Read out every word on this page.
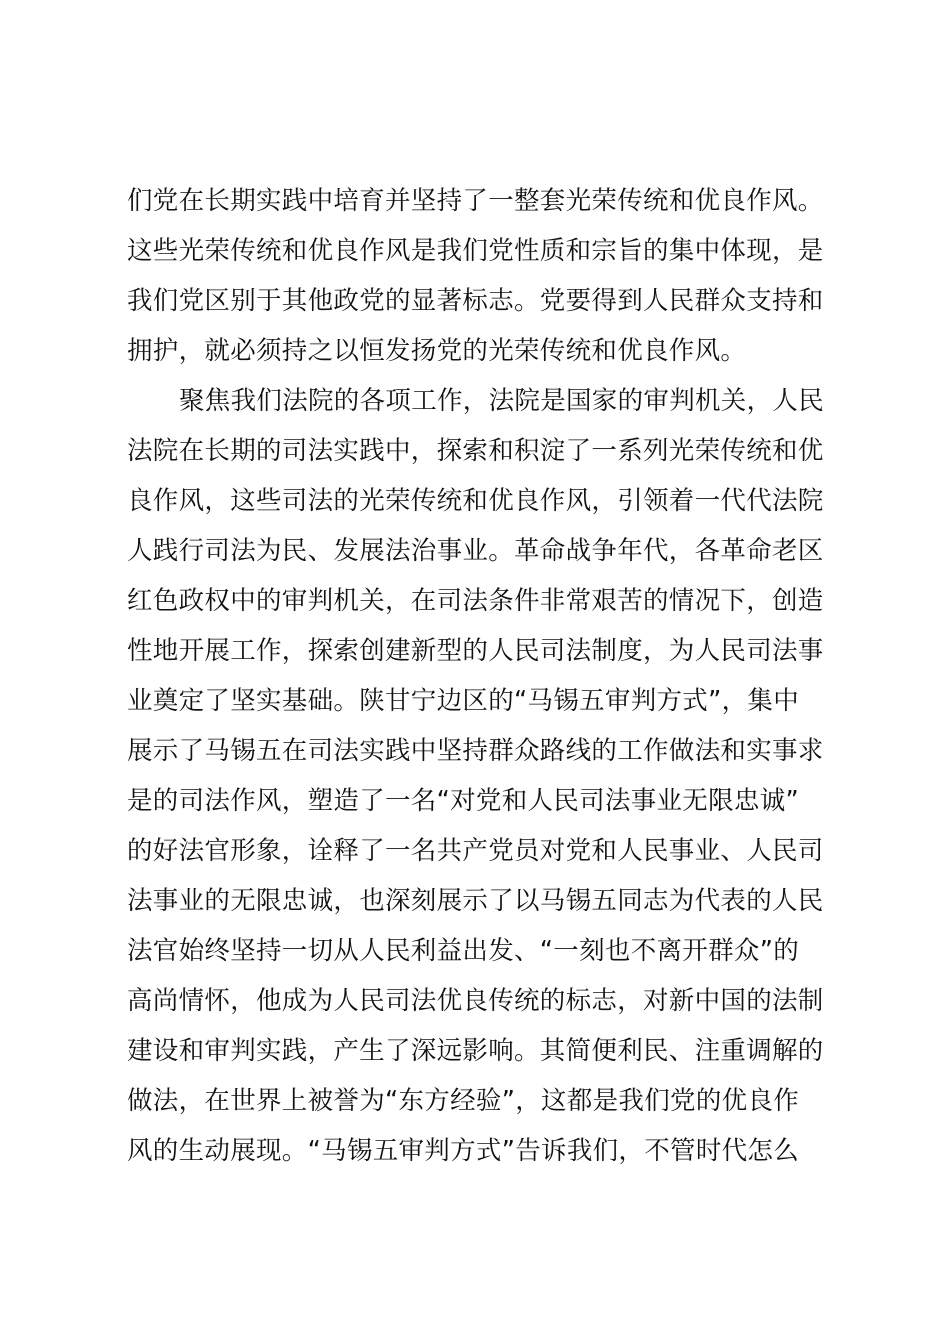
们党在长期实践中培育并坚持了一整套光荣传统和优良作风。
这些光荣传统和优良作风是我们党性质和宗旨的集中体现，是
我们党区别于其他政党的显著标志。党要得到人民群众支持和
拥护，就必须持之以恒发扬党的光荣传统和优良作风。
聚焦我们法院的各项工作，法院是国家的审判机关，人民
法院在长期的司法实践中，探索和积淀了一系列光荣传统和优
良作风，这些司法的光荣传统和优良作风，引领着一代代法院
人践行司法为民、发展法治事业。革命战争年代，各革命老区
红色政权中的审判机关，在司法条件非常艰苦的情况下，创造
性地开展工作，探索创建新型的人民司法制度，为人民司法事
业奠定了坚实基础。陕甘宁边区的“马锡五审判方式”，集中
展示了马锡五在司法实践中坚持群众路线的工作做法和实事求
是的司法作风，塑造了一名“对党和人民司法事业无限忠诚”
的好法官形象，诠释了一名共产党员对党和人民事业、人民司
法事业的无限忠诚，也深刻展示了以马锡五同志为代表的人民
法官始终坚持一切从人民利益出发、“一刻也不离开群众”的
高尚情怀，他成为人民司法优良传统的标志，对新中国的法制
建设和审判实践，产生了深远影响。其简便利民、注重调解的
做法，在世界上被誉为“东方经验”，这都是我们党的优良作
风的生动展现。“马锡五审判方式”告诉我们，不管时代怎么
